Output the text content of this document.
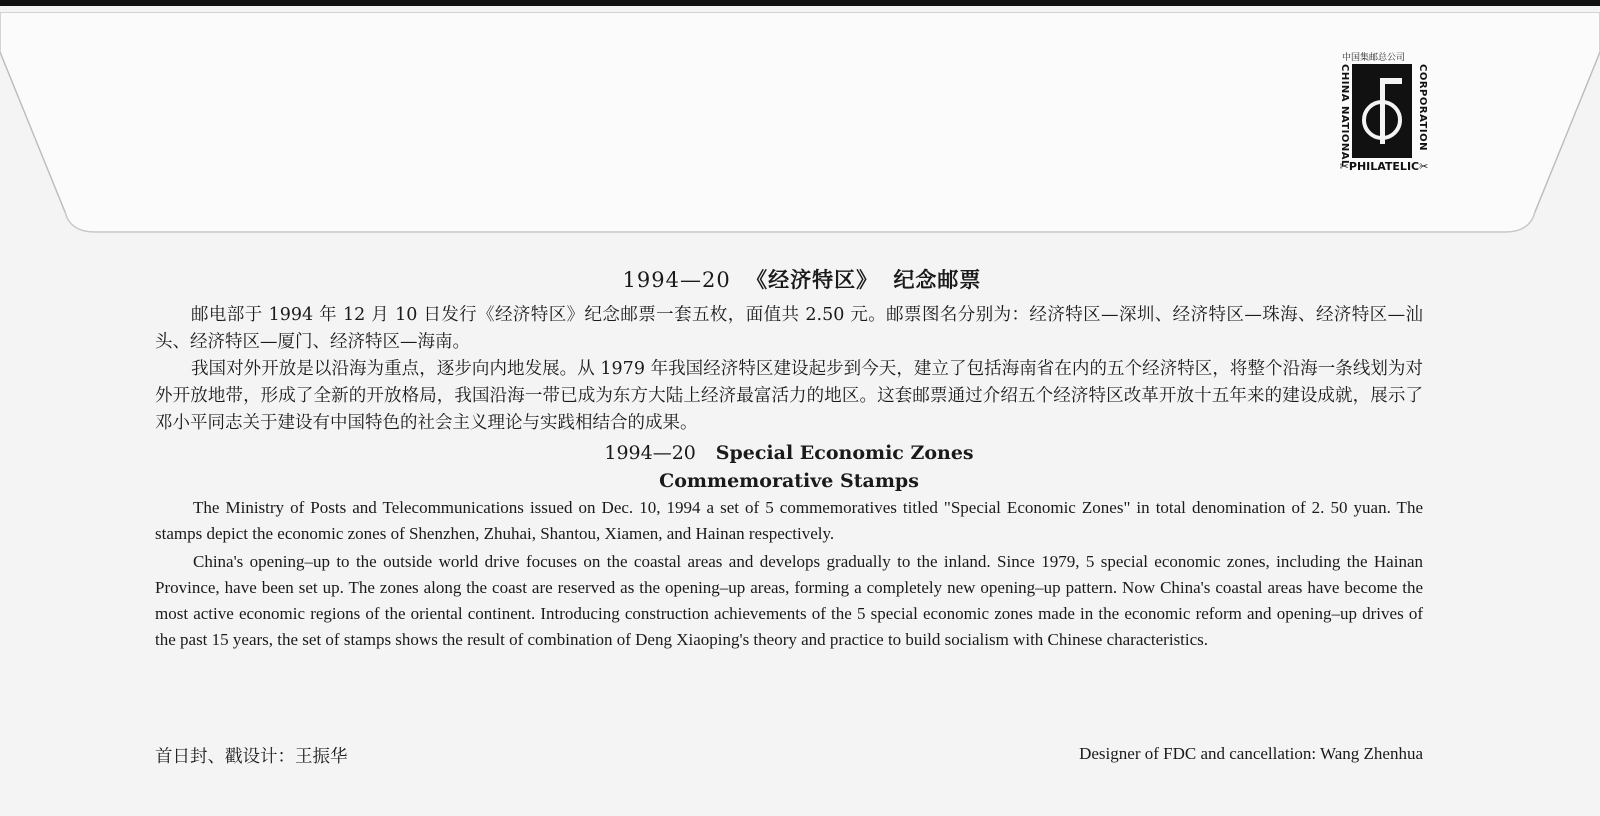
中国集邮总公司
CHINA NATIONAL	CORPORATION
✂PHILATELIC✂
1994—20 《经济特区》 纪念邮票

邮电部于 1994 年 12 月 10 日发行《经济特区》纪念邮票一套五枚，面值共 2.50 元。邮票图名分别为：经济特区—深圳、经济特区—珠海、经济特区—汕头、经济特区—厦门、经济特区—海南。

我国对外开放是以沿海为重点，逐步向内地发展。从 1979 年我国经济特区建设起步到今天，建立了包括海南省在内的五个经济特区，将整个沿海一条线划为对外开放地带，形成了全新的开放格局，我国沿海一带已成为东方大陆上经济最富活力的地区。这套邮票通过介绍五个经济特区改革开放十五年来的建设成就，展示了邓小平同志关于建设有中国特色的社会主义理论与实践相结合的成果。

1994—20 Special Economic Zones
Commemorative Stamps

The Ministry of Posts and Telecommunications issued on Dec. 10, 1994 a set of 5 commemoratives titled "Special Economic Zones" in total denomination of 2. 50 yuan. The stamps depict the economic zones of Shenzhen, Zhuhai, Shantou, Xiamen, and Hainan respectively.

China's opening–up to the outside world drive focuses on the coastal areas and develops gradually to the inland. Since 1979, 5 special economic zones, including the Hainan Province, have been set up. The zones along the coast are reserved as the opening–up areas, forming a completely new opening–up pattern. Now China's coastal areas have become the most active economic regions of the oriental continent. Introducing construction achievements of the 5 special economic zones made in the economic reform and opening–up drives of the past 15 years, the set of stamps shows the result of combination of Deng Xiaoping's theory and practice to build socialism with Chinese characteristics.

首日封、戳设计：王振华	Designer of FDC and cancellation: Wang Zhenhua
